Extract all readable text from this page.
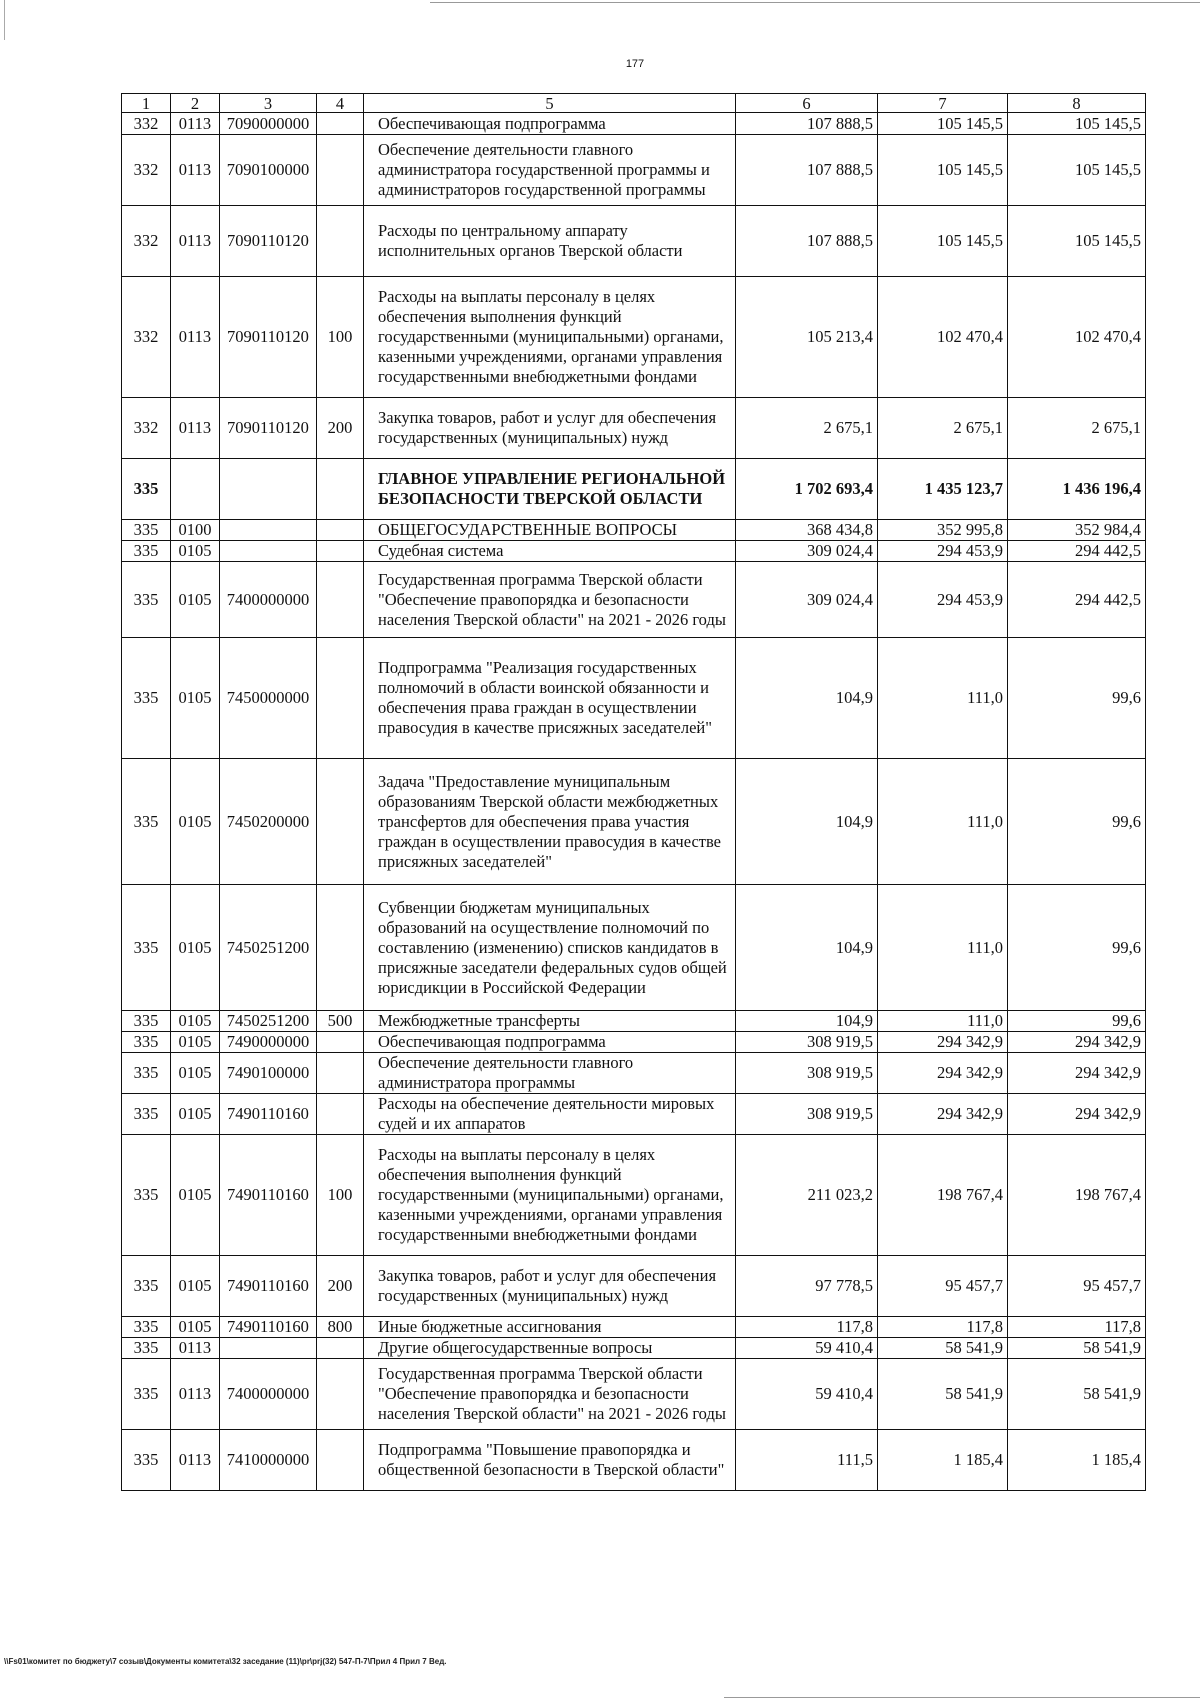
177
1	2	3	4	5	6	7	8
332	0113	7090000000		Обеспечивающая подпрограмма	107 888,5	105 145,5	105 145,5
332	0113	7090100000		Обеспечение деятельности главного администратора государственной программы и администраторов государственной программы	107 888,5	105 145,5	105 145,5
332	0113	7090110120		Расходы по центральному аппарату исполнительных органов Тверской области	107 888,5	105 145,5	105 145,5
332	0113	7090110120	100	Расходы на выплаты персоналу в целях обеспечения выполнения функций государственными (муниципальными) органами, казенными учреждениями, органами управления государственными внебюджетными фондами	105 213,4	102 470,4	102 470,4
332	0113	7090110120	200	Закупка товаров, работ и услуг для обеспечения государственных (муниципальных) нужд	2 675,1	2 675,1	2 675,1
335				ГЛАВНОЕ УПРАВЛЕНИЕ РЕГИОНАЛЬНОЙ БЕЗОПАСНОСТИ ТВЕРСКОЙ ОБЛАСТИ	1 702 693,4	1 435 123,7	1 436 196,4
335	0100			ОБЩЕГОСУДАРСТВЕННЫЕ ВОПРОСЫ	368 434,8	352 995,8	352 984,4
335	0105			Судебная система	309 024,4	294 453,9	294 442,5
335	0105	7400000000		Государственная программа Тверской области "Обеспечение правопорядка и безопасности населения Тверской области" на 2021 - 2026 годы	309 024,4	294 453,9	294 442,5
335	0105	7450000000		Подпрограмма "Реализация государственных полномочий в области воинской обязанности и обеспечения права граждан в осуществлении правосудия в качестве присяжных заседателей"	104,9	111,0	99,6
335	0105	7450200000		Задача "Предоставление муниципальным образованиям Тверской области межбюджетных трансфертов для обеспечения права участия граждан в осуществлении правосудия в качестве присяжных заседателей"	104,9	111,0	99,6
335	0105	7450251200		Субвенции бюджетам муниципальных образований на осуществление полномочий по составлению (изменению) списков кандидатов в присяжные заседатели федеральных судов общей юрисдикции в Российской Федерации	104,9	111,0	99,6
335	0105	7450251200	500	Межбюджетные трансферты	104,9	111,0	99,6
335	0105	7490000000		Обеспечивающая подпрограмма	308 919,5	294 342,9	294 342,9
335	0105	7490100000		Обеспечение деятельности главного администратора программы	308 919,5	294 342,9	294 342,9
335	0105	7490110160		Расходы на обеспечение деятельности мировых судей и их аппаратов	308 919,5	294 342,9	294 342,9
335	0105	7490110160	100	Расходы на выплаты персоналу в целях обеспечения выполнения функций государственными (муниципальными) органами, казенными учреждениями, органами управления государственными внебюджетными фондами	211 023,2	198 767,4	198 767,4
335	0105	7490110160	200	Закупка товаров, работ и услуг для обеспечения государственных (муниципальных) нужд	97 778,5	95 457,7	95 457,7
335	0105	7490110160	800	Иные бюджетные ассигнования	117,8	117,8	117,8
335	0113			Другие общегосударственные вопросы	59 410,4	58 541,9	58 541,9
335	0113	7400000000		Государственная программа Тверской области "Обеспечение правопорядка и безопасности населения Тверской области" на 2021 - 2026 годы	59 410,4	58 541,9	58 541,9
335	0113	7410000000		Подпрограмма "Повышение правопорядка и общественной безопасности в Тверской области"	111,5	1 185,4	1 185,4
\\Fs01\комитет по бюджету\7 созыв\Документы комитета\32 заседание (11)\pr\prj(32) 547-П-7\Прил 4 Прил 7 Вед.
